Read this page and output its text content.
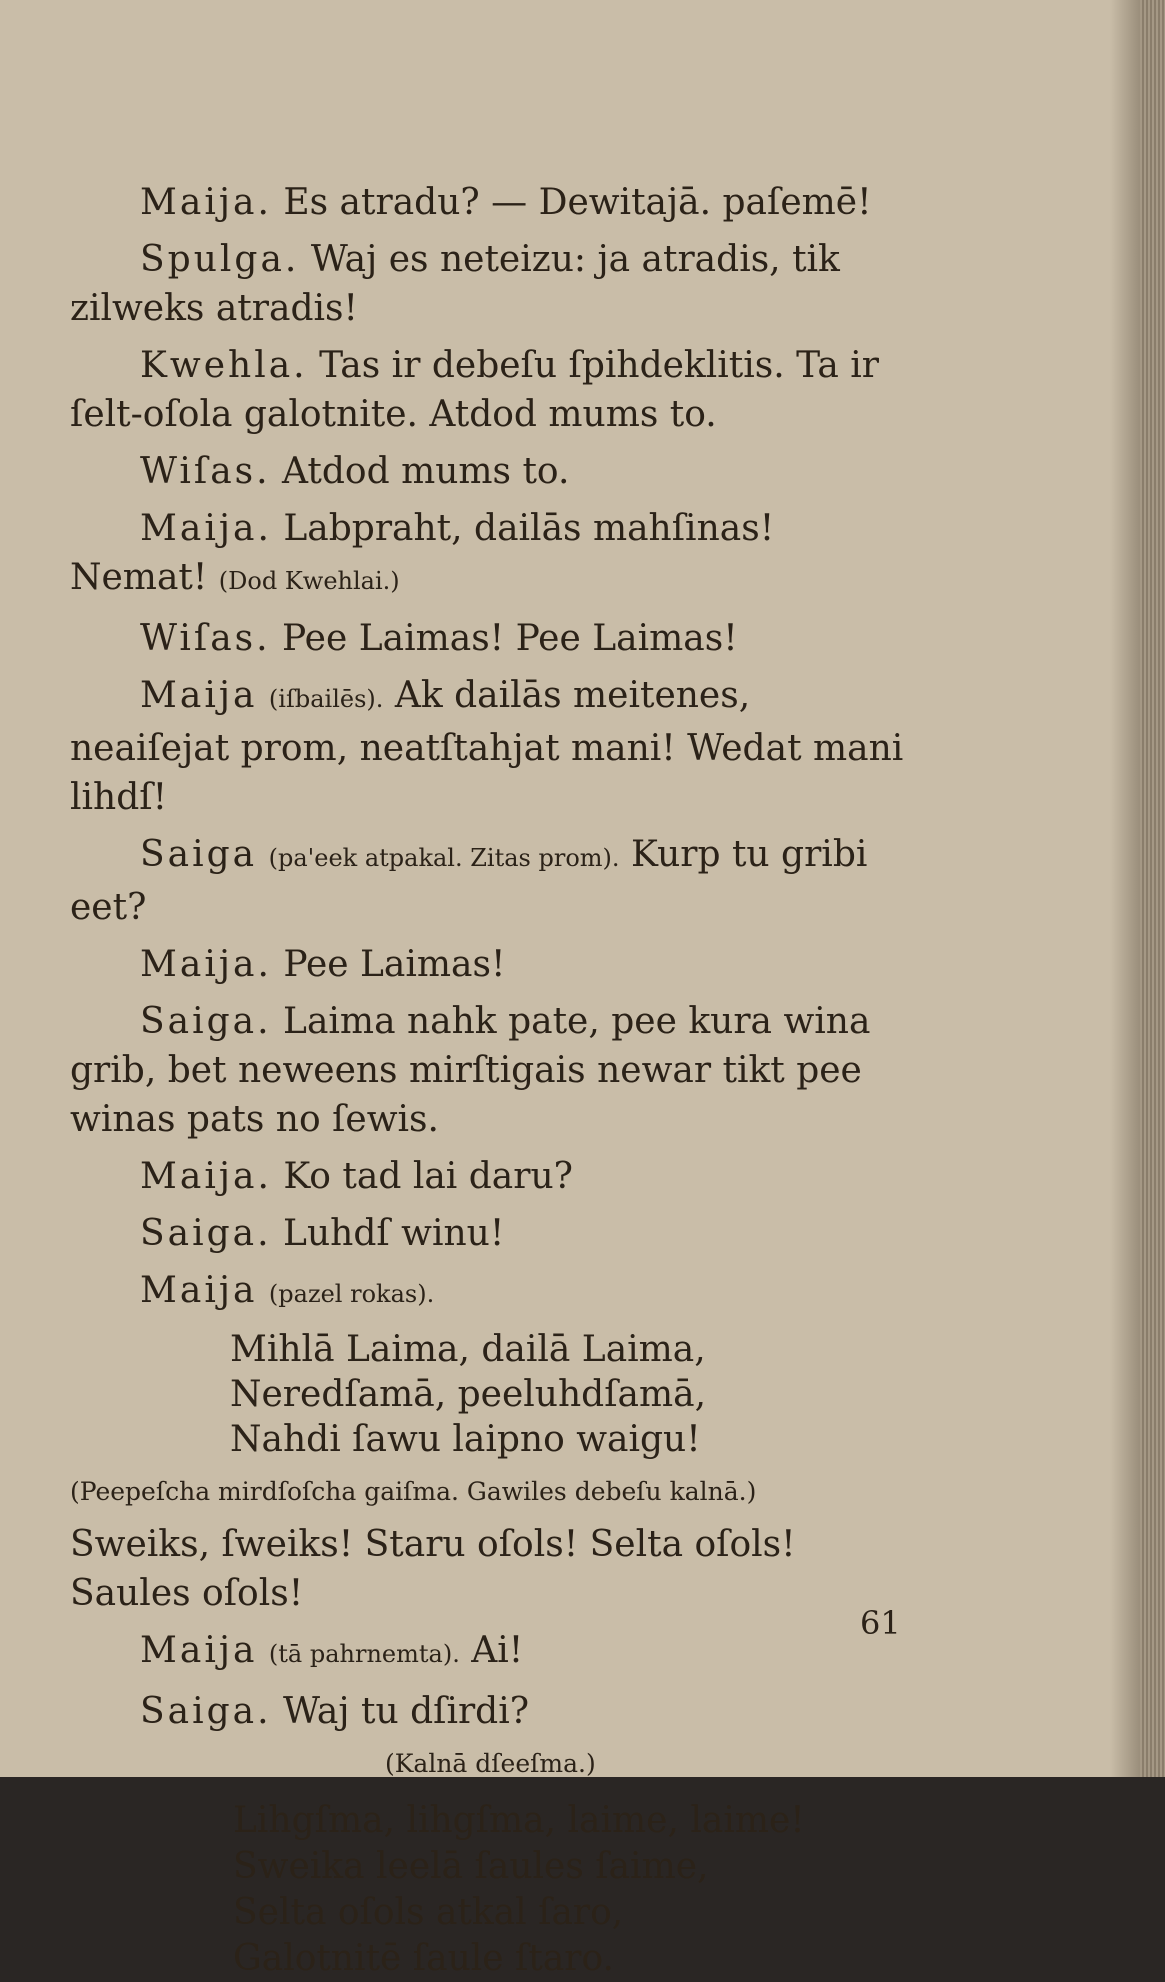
Maija. Es atradu? — Dewitajā. paſemē!

Spulga. Waj es neteizu: ja atradis, tik zilweks atradis!

Kwehla. Tas ir debeſu ſpihdeklitis. Ta ir ſelt-oſola galotnite. Atdod mums to.

Wiſas. Atdod mums to.

Maija. Labpraht, dailās mahſinas! Nemat! (Dod Kwehlai.)

Wiſas. Pee Laimas! Pee Laimas!

Maija (iſbailēs). Ak dailās meitenes, neaiſejat prom, neatſtahjat mani! Wedat mani lihdſ!

Saiga (pa'eek atpakal. Zitas prom). Kurp tu gribi eet?

Maija. Pee Laimas!

Saiga. Laima nahk pate, pee kura wina grib, bet neweens mirſtigais newar tikt pee winas pats no ſewis.

Maija. Ko tad lai daru?

Saiga. Luhdſ winu!

Maija (pazel rokas).

Mihlā Laima, dailā Laima,

Neredſamā, peeluhdſamā,

Nahdi ſawu laipno waigu!

(Peepeſcha mirdſoſcha gaiſma. Gawiles debeſu kalnā.)

Sweiks, ſweiks! Staru oſols! Selta oſols! Saules oſols!

Maija (tā pahrnemta). Ai!

Saiga. Waj tu dſirdi?

(Kalnā dſeeſma.)

Lihgſma, lihgſma, laime, laime!

Sweika leelā ſaules ſaime,

Selta oſols atkal ſaro,

Galotnitē ſaule ſtaro.

61
